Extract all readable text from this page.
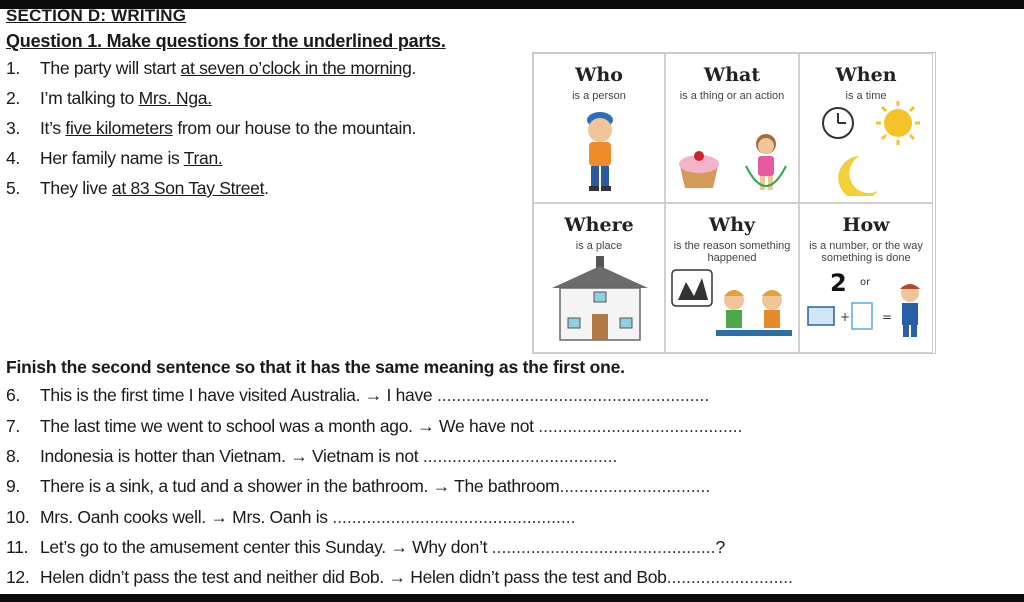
SECTION D: WRITING
Question 1. Make questions for the underlined parts.
1. The party will start at seven o’clock in the morning.
2. I’m talking to Mrs. Nga.
3. It’s five kilometers from our house to the mountain.
4. Her family name is Tran.
5. They live at 83 Son Tay Street.
Who
is a person
What
is a thing or an action
When
is a time
Where
is a place
Why
is the reason something happened
How
is a number, or the way something is done
2 or
+	=
Finish the second sentence so that it has the same meaning as the first one.
6. This is the first time I have visited Australia. → I have ........................................................
7. The last time we went to school was a month ago. → We have not ..........................................
8. Indonesia is hotter than Vietnam. → Vietnam is not ........................................
9. There is a sink, a tud and a shower in the bathroom. → The bathroom...............................
10. Mrs. Oanh cooks well. → Mrs. Oanh is ..................................................
11. Let’s go to the amusement center this Sunday. → Why don’t ..............................................?
12. Helen didn’t pass the test and neither did Bob. → Helen didn’t pass the test and Bob..........................
